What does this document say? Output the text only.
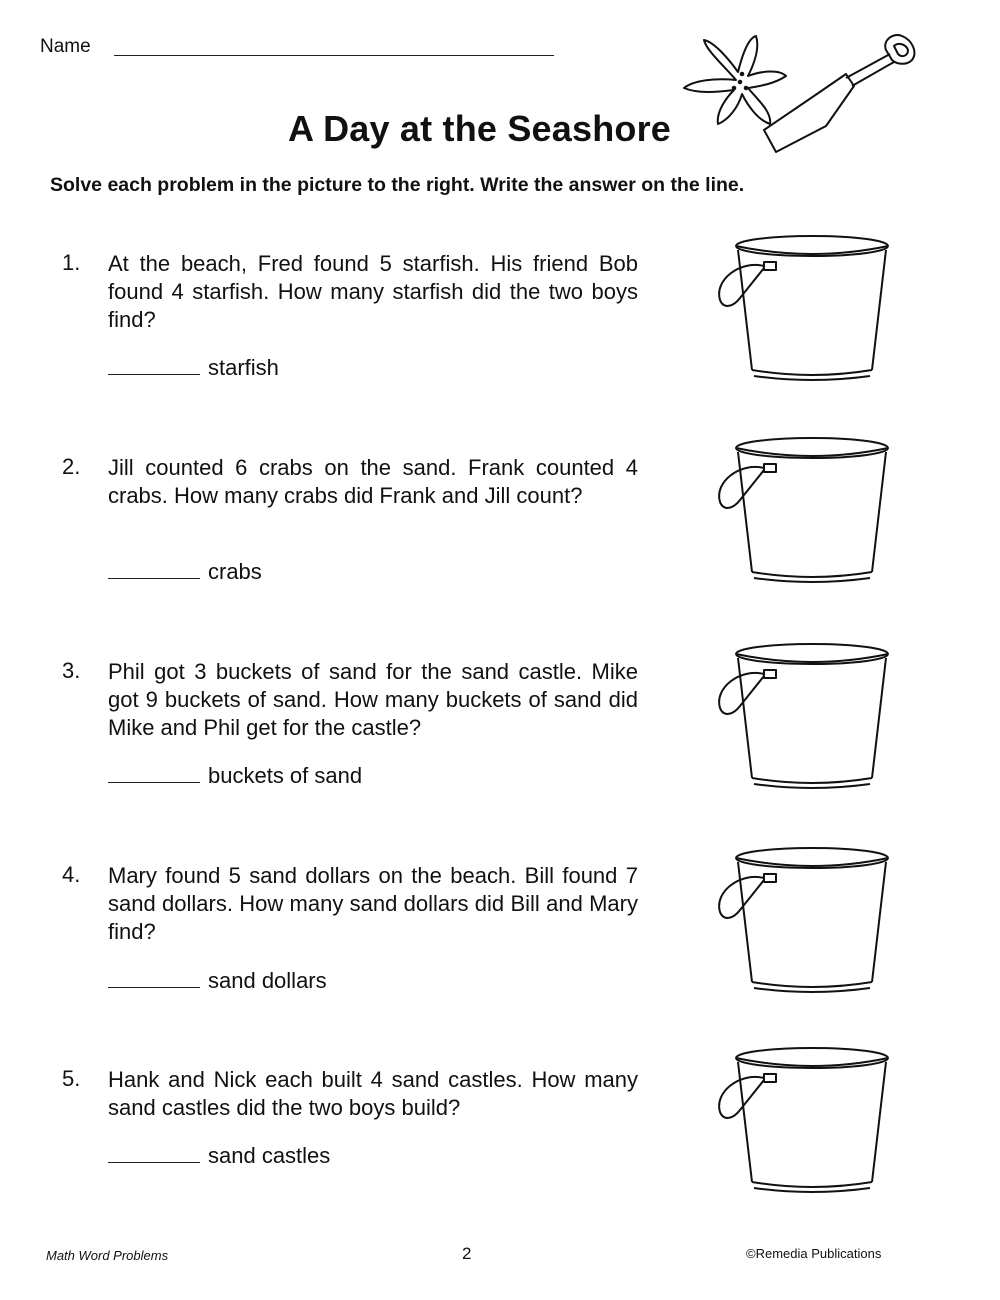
Name
A Day at the Seashore
Solve each problem in the picture to the right. Write the answer on the line.
1. At the beach, Fred found 5 starfish. His friend Bob found 4 starfish. How many starfish did the two boys find?
starfish
2. Jill counted 6 crabs on the sand. Frank counted 4 crabs. How many crabs did Frank and Jill count?
crabs
3. Phil got 3 buckets of sand for the sand castle. Mike got 9 buckets of sand. How many buckets of sand did Mike and Phil get for the castle?
buckets of sand
4. Mary found 5 sand dollars on the beach. Bill found 7 sand dollars. How many sand dollars did Bill and Mary find?
sand dollars
5. Hank and Nick each built 4 sand castles. How many sand castles did the two boys build?
sand castles
Math Word Problems	2	©Remedia Publications
